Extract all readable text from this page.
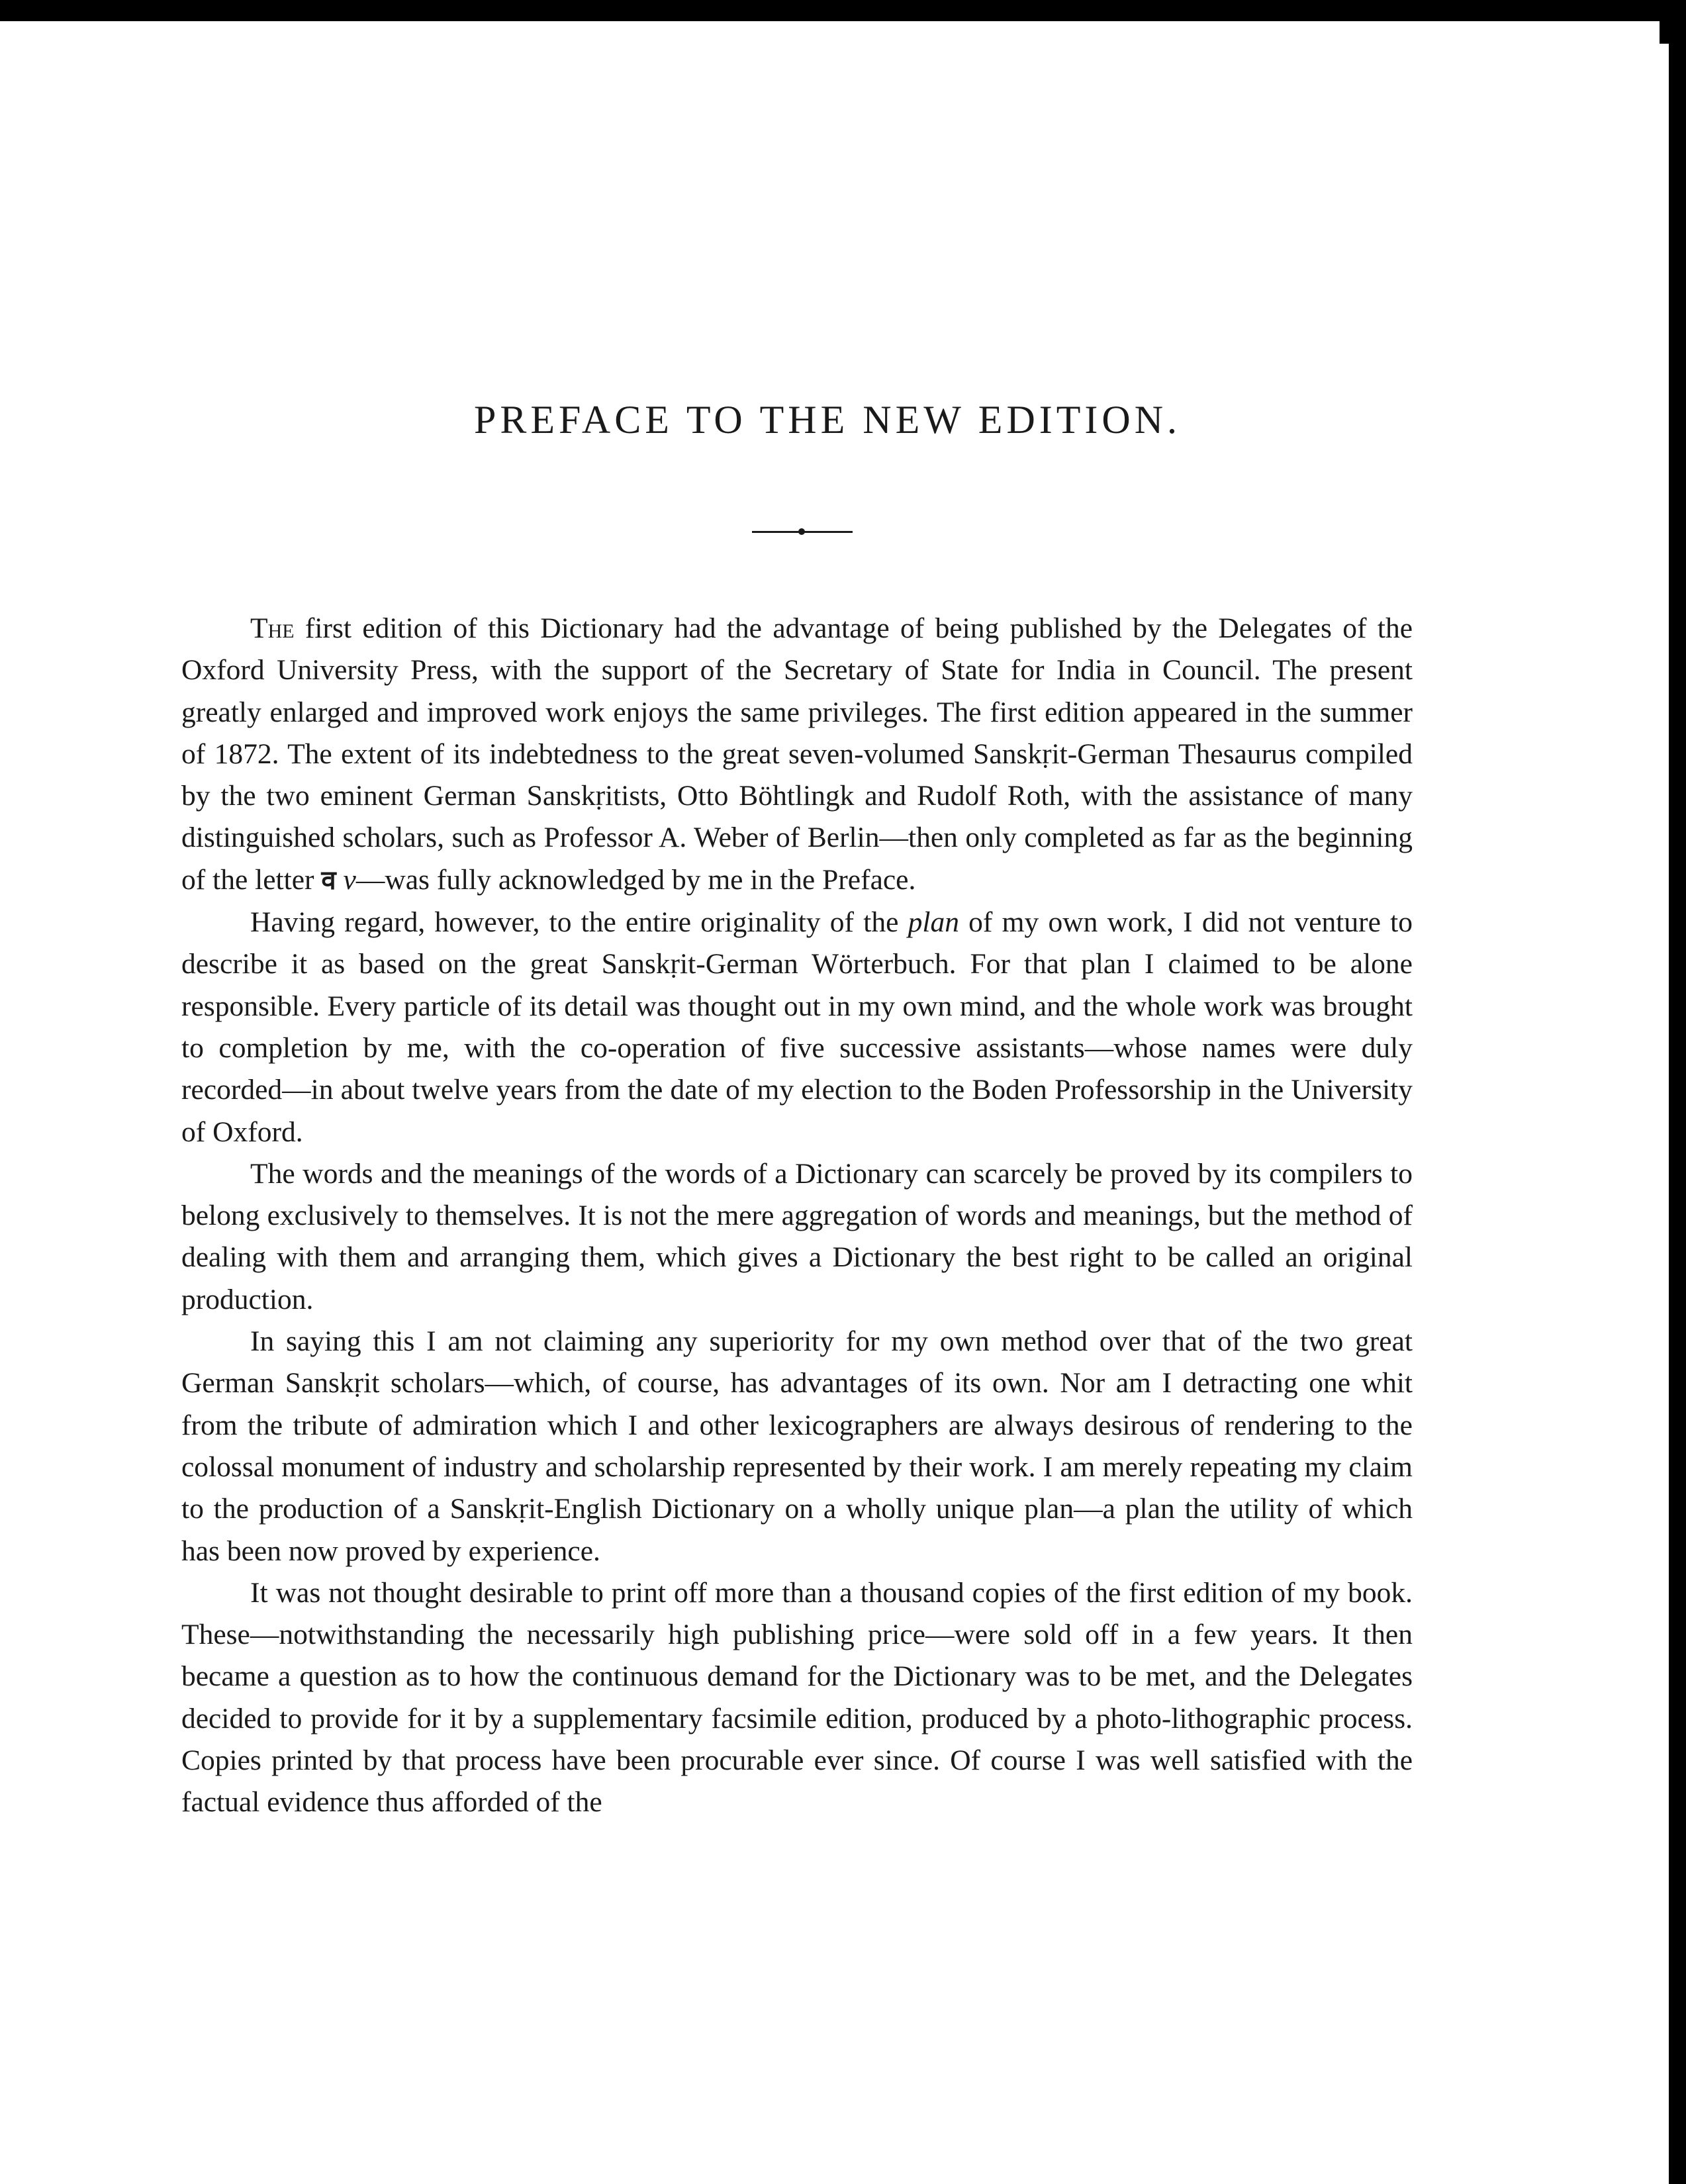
PREFACE TO THE NEW EDITION.

The first edition of this Dictionary had the advantage of being published by the Delegates of the Oxford University Press, with the support of the Secretary of State for India in Council. The present greatly enlarged and improved work enjoys the same privileges. The first edition appeared in the summer of 1872. The extent of its indebtedness to the great seven-volumed Sanskṛit-German Thesaurus compiled by the two eminent German Sanskṛitists, Otto Böhtlingk and Rudolf Roth, with the assistance of many distinguished scholars, such as Professor A. Weber of Berlin—then only completed as far as the beginning of the letter व v—was fully acknowledged by me in the Preface.

Having regard, however, to the entire originality of the plan of my own work, I did not venture to describe it as based on the great Sanskṛit-German Wörterbuch. For that plan I claimed to be alone responsible. Every particle of its detail was thought out in my own mind, and the whole work was brought to completion by me, with the co-operation of five successive assistants—whose names were duly recorded—in about twelve years from the date of my election to the Boden Professorship in the University of Oxford.

The words and the meanings of the words of a Dictionary can scarcely be proved by its compilers to belong exclusively to themselves. It is not the mere aggregation of words and meanings, but the method of dealing with them and arranging them, which gives a Dictionary the best right to be called an original production.

In saying this I am not claiming any superiority for my own method over that of the two great German Sanskṛit scholars—which, of course, has advantages of its own. Nor am I detracting one whit from the tribute of admiration which I and other lexicographers are always desirous of rendering to the colossal monument of industry and scholarship represented by their work. I am merely repeating my claim to the production of a Sanskṛit-English Dictionary on a wholly unique plan—a plan the utility of which has been now proved by experience.

It was not thought desirable to print off more than a thousand copies of the first edition of my book. These—notwithstanding the necessarily high publishing price—were sold off in a few years. It then became a question as to how the continuous demand for the Dictionary was to be met, and the Delegates decided to provide for it by a supplementary facsimile edition, produced by a photo-lithographic process. Copies printed by that process have been procurable ever since. Of course I was well satisfied with the factual evidence thus afforded of the
